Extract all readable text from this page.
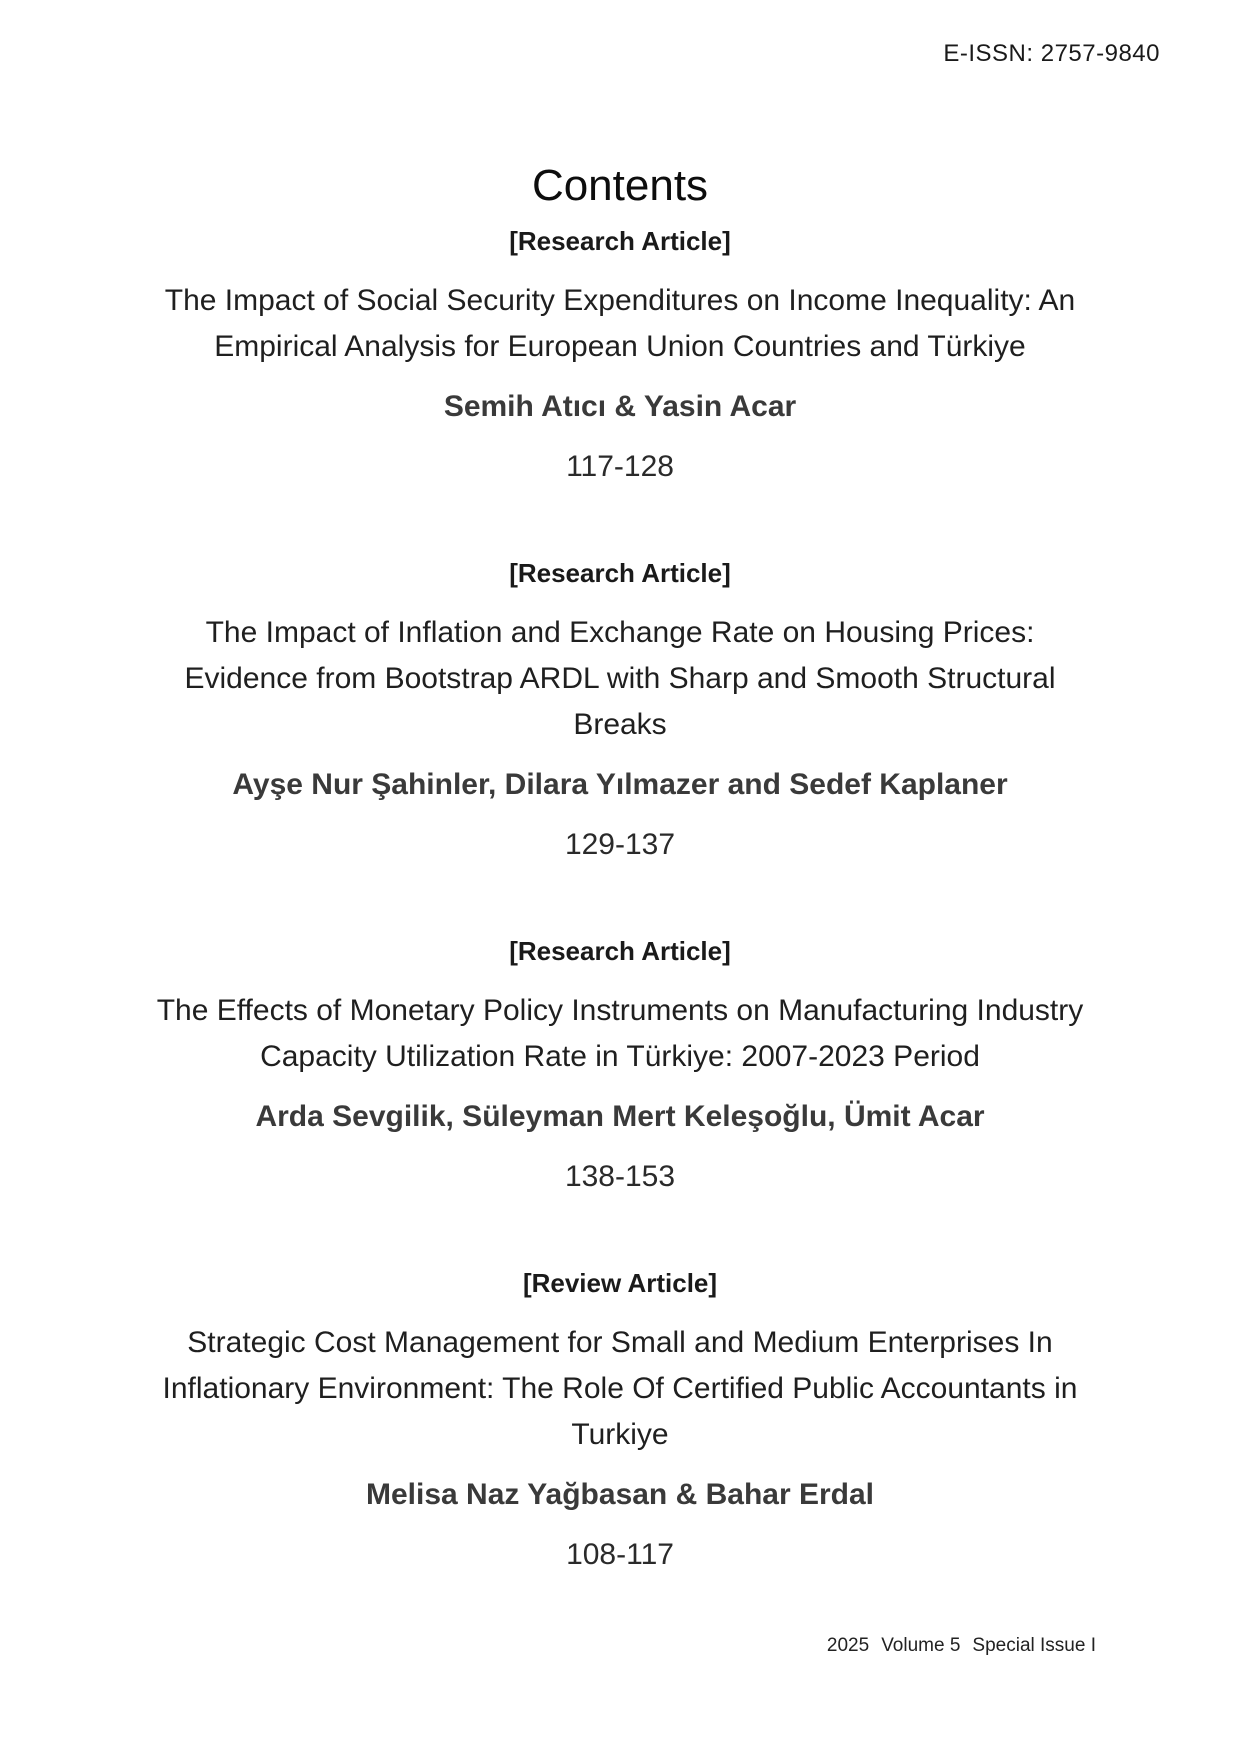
E-ISSN: 2757-9840
Contents
[Research Article]
The Impact of Social Security Expenditures on Income Inequality: An Empirical Analysis for European Union Countries and Türkiye
Semih Atıcı & Yasin Acar
117-128
[Research Article]
The Impact of Inflation and Exchange Rate on Housing Prices: Evidence from Bootstrap ARDL with Sharp and Smooth Structural Breaks
Ayşe Nur Şahinler, Dilara Yılmazer and Sedef Kaplaner
129-137
[Research Article]
The Effects of Monetary Policy Instruments on Manufacturing Industry Capacity Utilization Rate in Türkiye: 2007-2023 Period
Arda Sevgilik, Süleyman Mert Keleşoğlu, Ümit Acar
138-153
[Review Article]
Strategic Cost Management for Small and Medium Enterprises In Inflationary Environment: The Role Of Certified Public Accountants in Turkiye
Melisa Naz Yağbasan & Bahar Erdal
108-117
2025 Volume 5 Special Issue I
